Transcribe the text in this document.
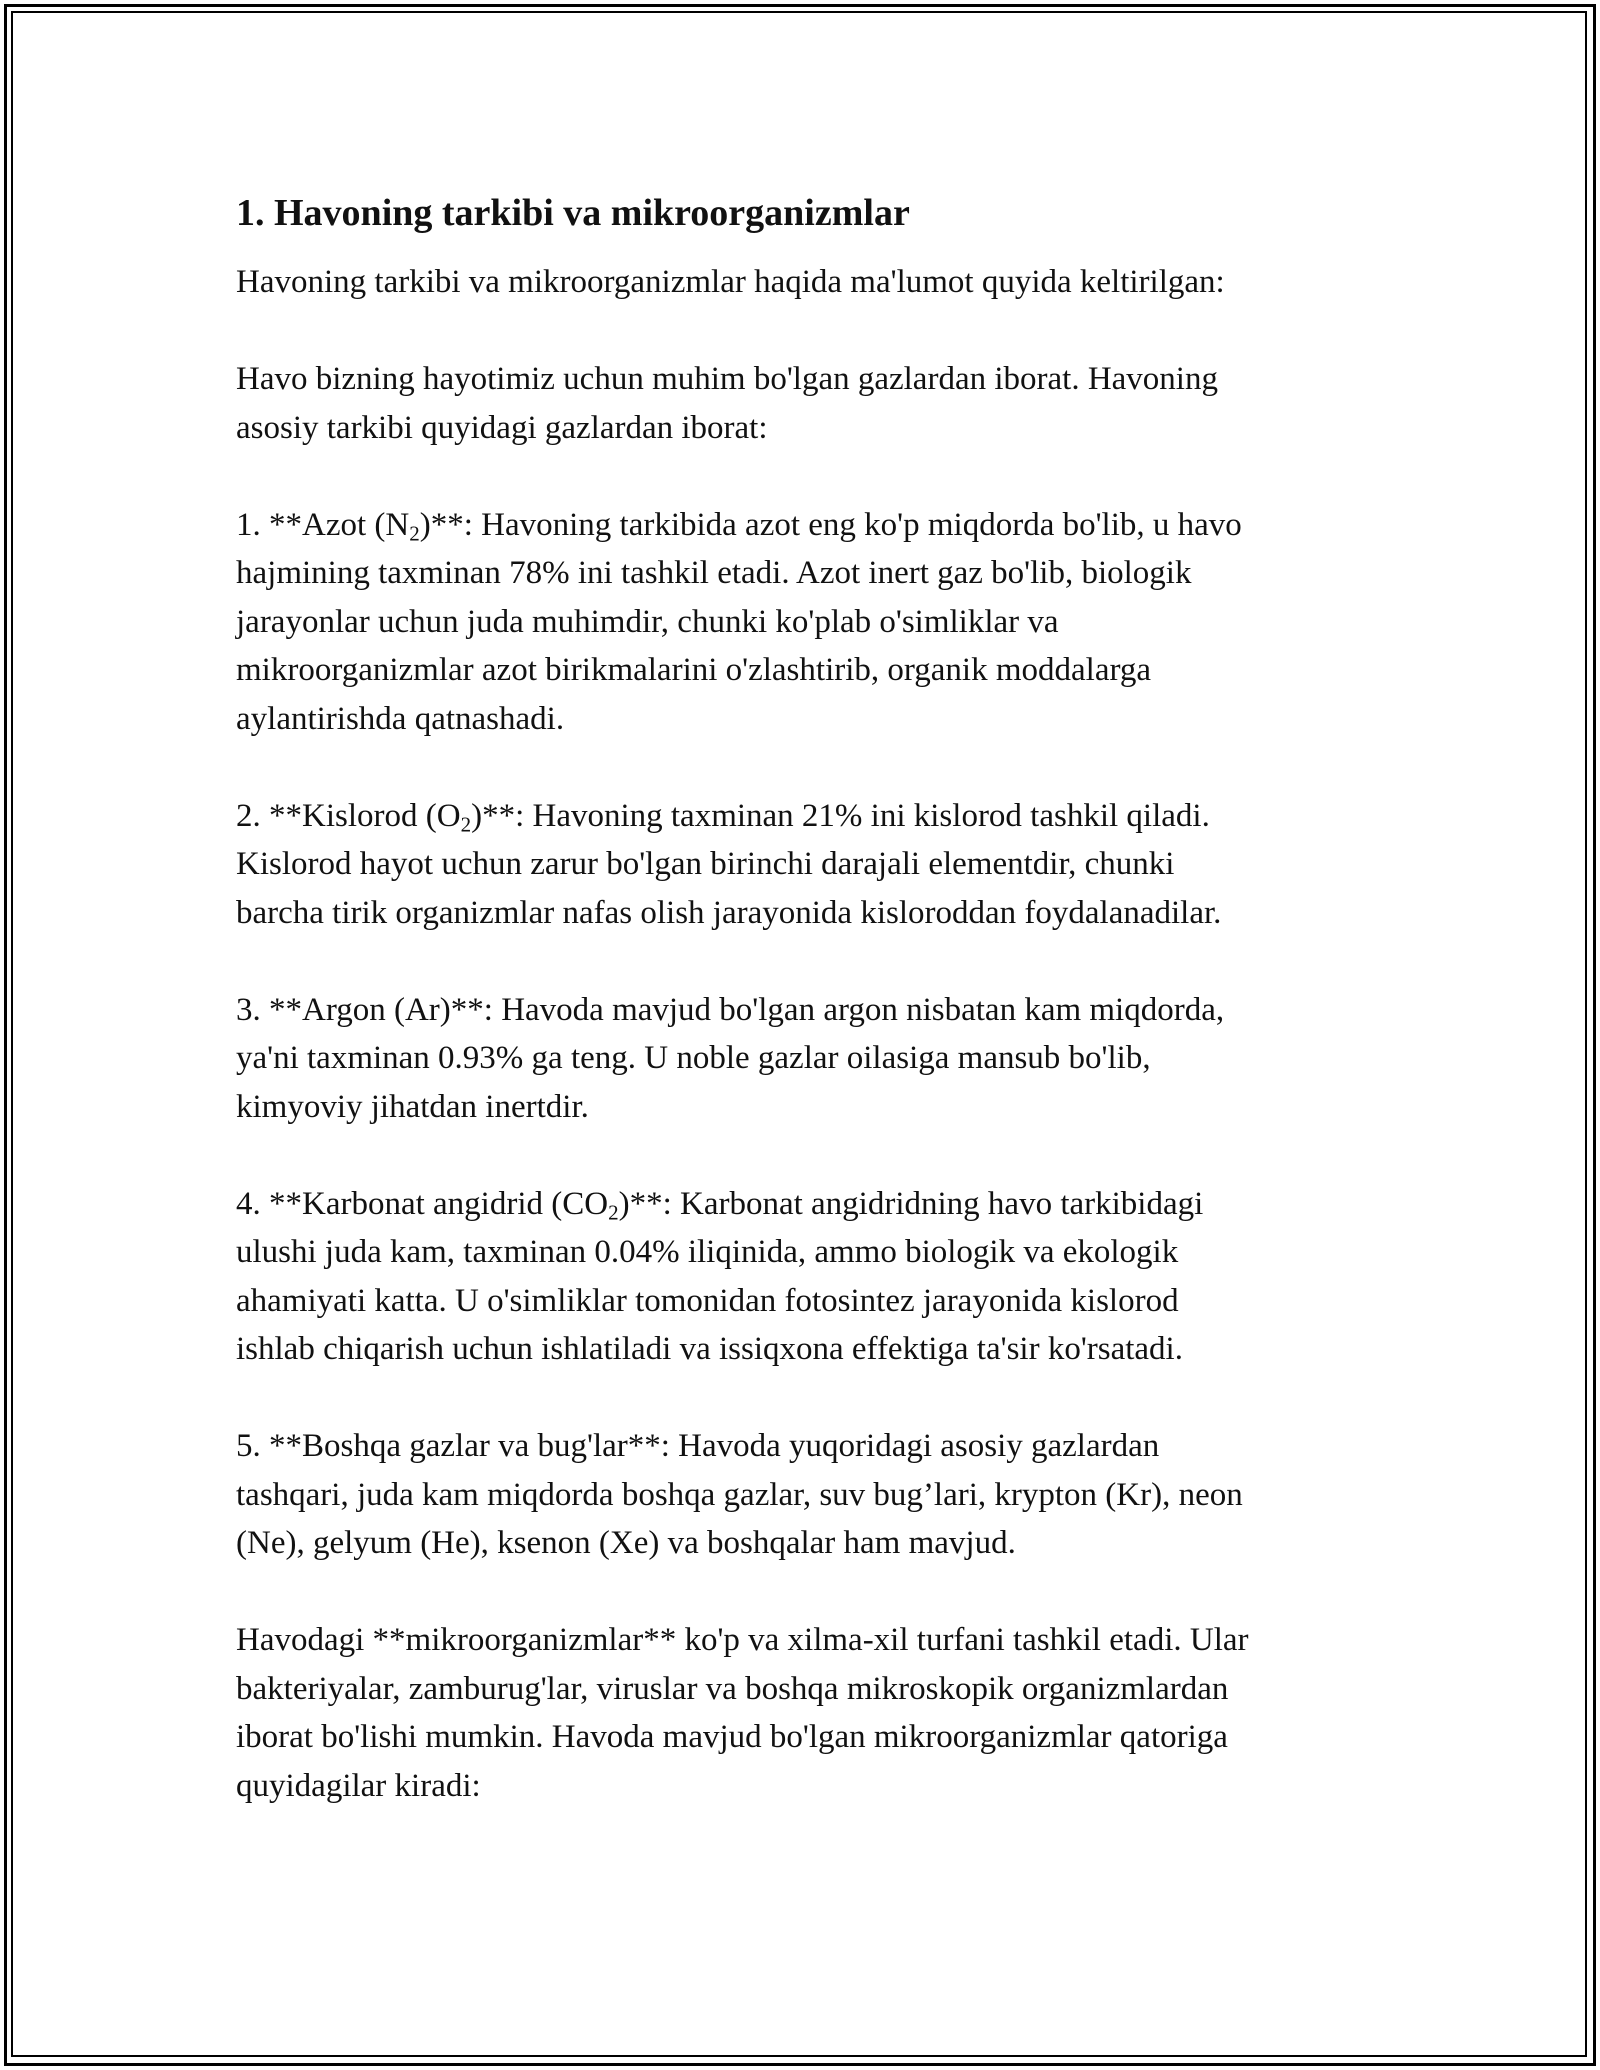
1. Havoning tarkibi va mikroorganizmlar
Havoning tarkibi va mikroorganizmlar haqida ma'lumot quyida keltirilgan:
Havo bizning hayotimiz uchun muhim bo'lgan gazlardan iborat. Havoning
asosiy tarkibi quyidagi gazlardan iborat:
1. **Azot $(N_2)**$: Havoning tarkibida azot eng ko'p miqdorda bo'lib, u havo
hajmining taxminan 78% ini tashkil etadi. Azot inert gaz bo'lib, biologik
jarayonlar uchun juda muhimdir, chunki ko'plab o'simliklar va
mikroorganizmlar azot birikmalarini o'zlashtirib, organik moddalarga
aylantirishda qatnashadi.
2. **Kislorod $(O_2)**$: Havoning taxminan 21% ini kislorod tashkil qiladi.
Kislorod hayot uchun zarur bo'lgan birinchi darajali elementdir, chunki
barcha tirik organizmlar nafas olish jarayonida kisloroddan foydalanadilar.
3. **Argon (Ar)**: Havoda mavjud bo'lgan argon nisbatan kam miqdorda,
ya'ni taxminan 0.93% ga teng. U noble gazlar oilasiga mansub bo'lib,
kimyoviy jihatdan inertdir.
4. **Karbonat angidrid $(CO_2)**$: Karbonat angidridning havo tarkibidagi
ulushi juda kam, taxminan 0.04% iliqinida, ammo biologik va ekologik
ahamiyati katta. U o'simliklar tomonidan fotosintez jarayonida kislorod
ishlab chiqarish uchun ishlatiladi va issiqxona effektiga ta'sir ko'rsatadi.
5. **Boshqa gazlar va bug'lar**: Havoda yuqoridagi asosiy gazlardan
tashqari, juda kam miqdorda boshqa gazlar, suv bug’lari, krypton (Kr), neon
(Ne), gelyum (He), ksenon (Xe) va boshqalar ham mavjud.
Havodagi **mikroorganizmlar** ko'p va xilma-xil turfani tashkil etadi. Ular
bakteriyalar, zamburug'lar, viruslar va boshqa mikroskopik organizmlardan
iborat bo'lishi mumkin. Havoda mavjud bo'lgan mikroorganizmlar qatoriga
quyidagilar kiradi:
